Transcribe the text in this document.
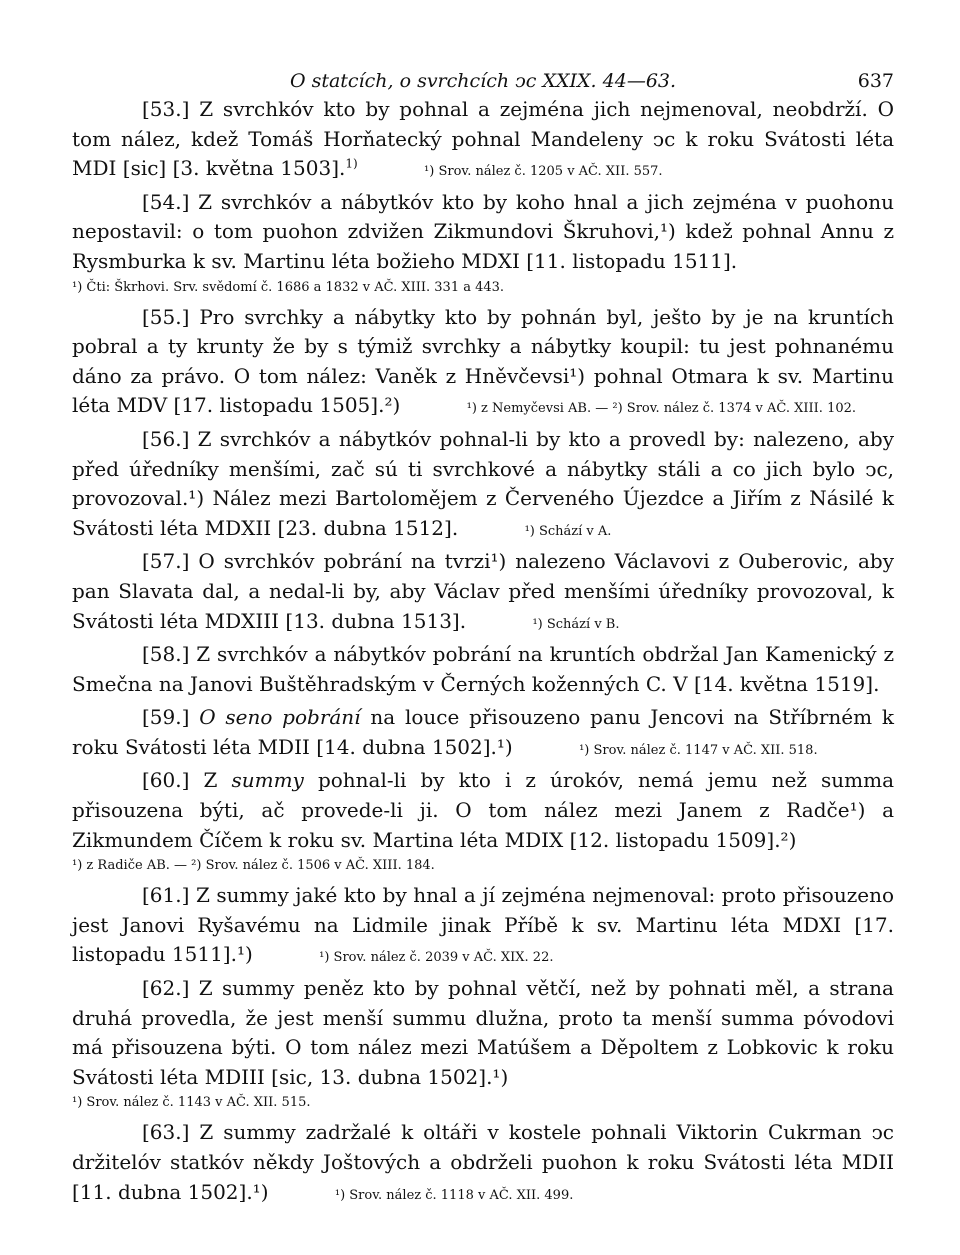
O statcích, o svrchcích ͻc XXIX. 44—63.	637
[53.] Z svrchkóv kto by pohnal a zejména jich nejmenoval, neobdrží. O tom nález, kdež Tomáš Horňatecký pohnal Mandeleny ͻc k roku Svátosti léta MDI [sic] [3. května 1503].$^{1)}$ ¹) Srov. nález č. 1205 v AČ. XII. 557.
[54.] Z svrchkóv a nábytkóv kto by koho hnal a jich zejména v puohonu nepostavil: o tom puohon zdvižen Zikmundovi Škruhovi,¹) kdež pohnal Annu z Rysmburka k sv. Martinu léta božieho MDXI [11. listopadu 1511].
¹) Čti: Škrhovi. Srv. svědomí č. 1686 a 1832 v AČ. XIII. 331 a 443.
[55.] Pro svrchky a nábytky kto by pohnán byl, ješto by je na kruntích pobral a ty krunty že by s týmiž svrchky a nábytky koupil: tu jest pohnanému dáno za právo. O tom nález: Vaněk z Hněvčevsi¹) pohnal Otmara k sv. Martinu léta MDV [17. listopadu 1505].²)	¹) z Nemyčevsi AB. — ²) Srov. nález č. 1374 v AČ. XIII. 102.
[56.] Z svrchkóv a nábytkóv pohnal-li by kto a provedl by: nalezeno, aby před úředníky menšími, zač sú ti svrchkové a nábytky stáli a co jich bylo ͻc, provozoval.¹) Nález mezi Bartolomějem z Červeného Újezdce a Jiřím z Násilé k Svátosti léta MDXII [23. dubna 1512].	¹) Schází v A.
[57.] O svrchkóv pobrání na tvrzi¹) nalezeno Václavovi z Ouberovic, aby pan Slavata dal, a nedal-li by, aby Václav před menšími úředníky provozoval, k Svátosti léta MDXIII [13. dubna 1513].	¹) Schází v B.
[58.] Z svrchkóv a nábytkóv pobrání na kruntích obdržal Jan Kamenický z Smečna na Janovi Buštěhradským v Černých koženných C. V [14. května 1519].
[59.] O seno pobrání na louce přisouzeno panu Jencovi na Stříbrném k roku Svátosti léta MDII [14. dubna 1502].¹)	¹) Srov. nález č. 1147 v AČ. XII. 518.
[60.] Z summy pohnal-li by kto i z úrokóv, nemá jemu než summa přisouzena býti, ač provede-li ji. O tom nález mezi Janem z Radče¹) a Zikmundem Číčem k roku sv. Martina léta MDIX [12. listopadu 1509].²)
¹) z Radiče AB. — ²) Srov. nález č. 1506 v AČ. XIII. 184.
[61.] Z summy jaké kto by hnal a jí zejména nejmenoval: proto přisouzeno jest Janovi Ryšavému na Lidmile jinak Příbě k sv. Martinu léta MDXI [17. listopadu 1511].¹)	¹) Srov. nález č. 2039 v AČ. XIX. 22.
[62.] Z summy peněz kto by pohnal větčí, než by pohnati měl, a strana druhá provedla, že jest menší summu dlužna, proto ta menší summa póvodovi má přisouzena býti. O tom nález mezi Matúšem a Děpoltem z Lobkovic k roku Svátosti léta MDIII [sic, 13. dubna 1502].¹)
¹) Srov. nález č. 1143 v AČ. XII. 515.
[63.] Z summy zadržalé k oltáři v kostele pohnali Viktorin Cukrman ͻc držitelóv statkóv někdy Joštových a obdrželi puohon k roku Svátosti léta MDII [11. dubna 1502].¹)	¹) Srov. nález č. 1118 v AČ. XII. 499.
